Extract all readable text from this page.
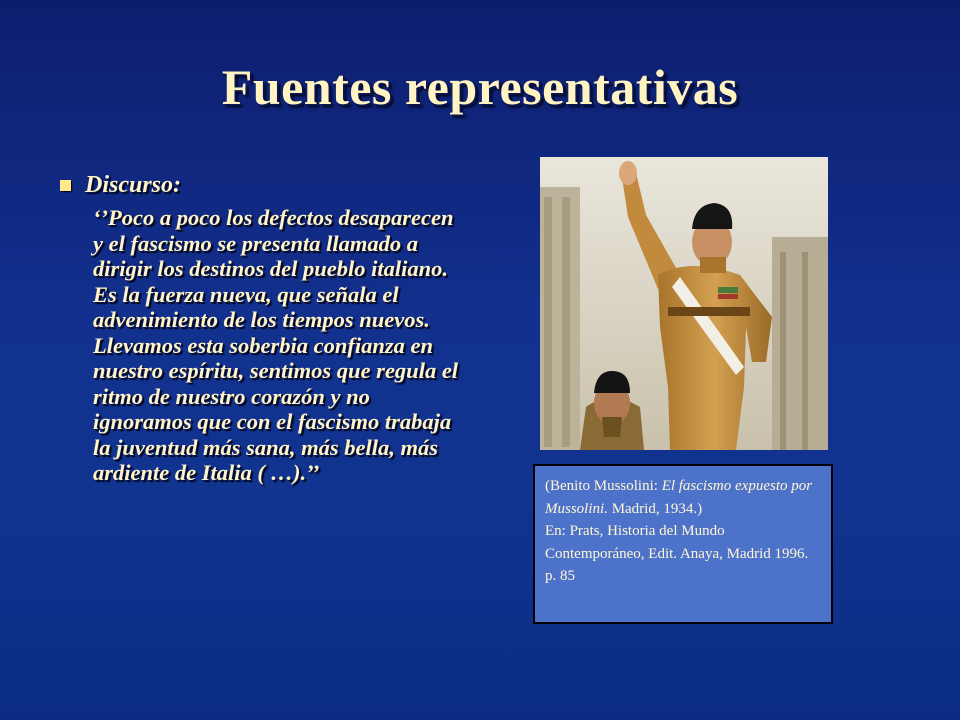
Fuentes representativas
Discurso:
‘’Poco a poco los defectos desaparecen y el fascismo se presenta llamado a dirigir los destinos del pueblo italiano. Es la fuerza nueva, que señala el advenimiento de los tiempos nuevos. Llevamos esta soberbia confianza en nuestro espíritu, sentimos que regula el ritmo de nuestro corazón y no ignoramos que con el fascismo trabaja la juventud más sana, más bella, más ardiente de Italia ( …).’’
(Benito Mussolini: El fascismo expuesto por Mussolini. Madrid, 1934.)
En: Prats, Historia del Mundo Contemporáneo, Edit. Anaya, Madrid 1996. p. 85
